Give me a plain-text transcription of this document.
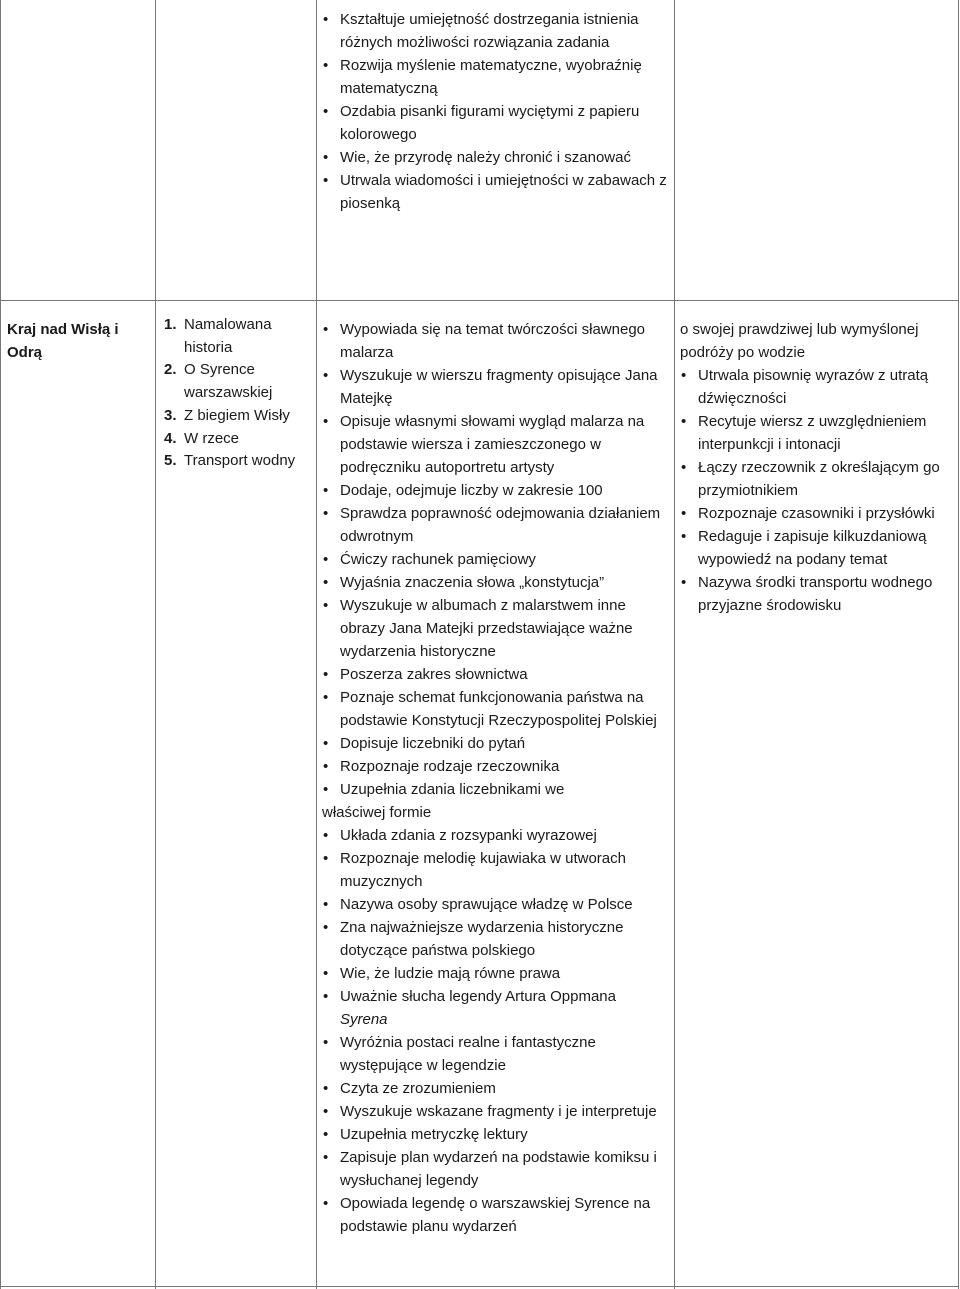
• Kształtuje umiejętność dostrzegania istnienia różnych możliwości rozwiązania zadania
• Rozwija myślenie matematyczne, wyobraźnię matematyczną
• Ozdabia pisanki figurami wyciętymi z papieru kolorowego
• Wie, że przyrodę należy chronić i szanować
• Utrwala wiadomości i umiejętności w zabawach z piosenką
Kraj nad Wisłą i Odrą
1. Namalowana historia
2. O Syrence warszawskiej
3. Z biegiem Wisły
4. W rzece
5. Transport wodny
• Wypowiada się na temat twórczości sławnego malarza
• Wyszukuje w wierszu fragmenty opisujące Jana Matejkę
• Opisuje własnymi słowami wygląd malarza na podstawie wiersza i zamieszczonego w podręczniku autoportretu artysty
• Dodaje, odejmuje liczby w zakresie 100
• Sprawdza poprawność odejmowania działaniem odwrotnym
• Ćwiczy rachunek pamięciowy
• Wyjaśnia znaczenia słowa „konstytucja”
• Wyszukuje w albumach z malarstwem inne obrazy Jana Matejki przedstawiające ważne wydarzenia historyczne
• Poszerza zakres słownictwa
• Poznaje schemat funkcjonowania państwa na podstawie Konstytucji Rzeczypospolitej Polskiej
• Dopisuje liczebniki do pytań
• Rozpoznaje rodzaje rzeczownika
• Uzupełnia zdania liczebnikami we
właściwej formie
• Układa zdania z rozsypanki wyrazowej
• Rozpoznaje melodię kujawiaka w utworach muzycznych
• Nazywa osoby sprawujące władzę w Polsce
• Zna najważniejsze wydarzenia historyczne dotyczące państwa polskiego
• Wie, że ludzie mają równe prawa
• Uważnie słucha legendy Artura Oppmana
Syrena
• Wyróżnia postaci realne i fantastyczne występujące w legendzie
• Czyta ze zrozumieniem
• Wyszukuje wskazane fragmenty i je interpretuje
• Uzupełnia metryczkę lektury
• Zapisuje plan wydarzeń na podstawie komiksu i wysłuchanej legendy
• Opowiada legendę o warszawskiej Syrence na podstawie planu wydarzeń
o swojej prawdziwej lub wymyślonej podróży po wodzie
• Utrwala pisownię wyrazów z utratą dźwięczności
• Recytuje wiersz z uwzględnieniem interpunkcji i intonacji
• Łączy rzeczownik z określającym go przymiotnikiem
• Rozpoznaje czasowniki i przysłówki
• Redaguje i zapisuje kilkuzdaniową wypowiedź na podany temat
• Nazywa środki transportu wodnego przyjazne środowisku
